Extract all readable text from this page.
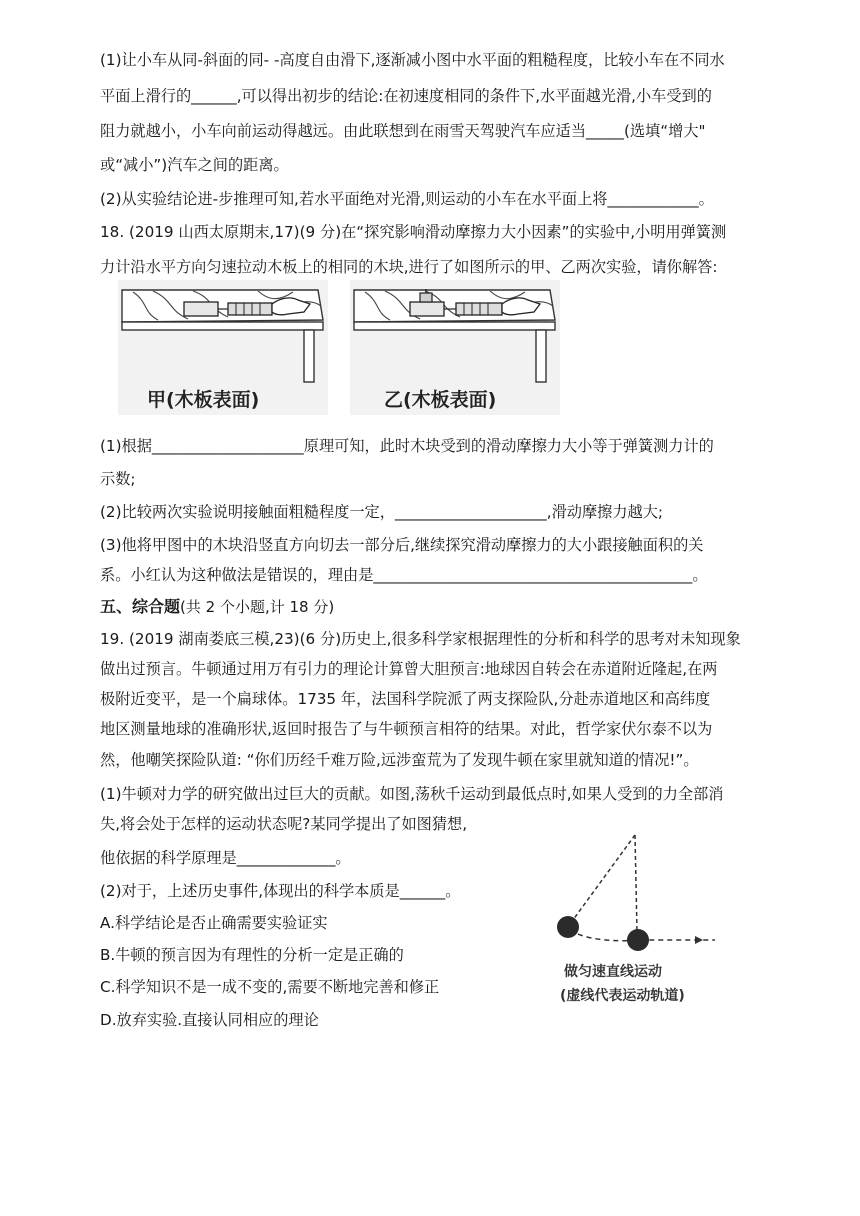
(1)让小车从同-斜面的同- -高度自由滑下,逐渐减小图中水平面的粗糙程度，比较小车在不同水
平面上滑行的______,可以得出初步的结论:在初速度相同的条件下,水平面越光滑,小车受到的
阻力就越小，小车向前运动得越远。由此联想到在雨雪天驾驶汽车应适当_____(选填“增大"
或“减小”)汽车之间的距离。
(2)从实验结论进-步推理可知,若水平面绝对光滑,则运动的小车在水平面上将____________。
18. (2019 山西太原期末,17)(9 分)在“探究影响滑动摩擦力大小因素”的实验中,小明用弹簧测
力计沿水平方向匀速拉动木板上的相同的木块,进行了如图所示的甲、乙两次实验，请你解答:
甲(木板表面)	乙(木板表面)
(1)根据____________________原理可知，此时木块受到的滑动摩擦力大小等于弹簧测力计的
示数;
(2)比较两次实验说明接触面粗糙程度一定，____________________,滑动摩擦力越大;
(3)他将甲图中的木块沿竖直方向切去一部分后,继续探究滑动摩擦力的大小跟接触面积的关
系。小红认为这种做法是错误的，理由是__________________________________________。
五、综合题(共 2 个小题,计 18 分)
19. (2019 湖南娄底三模,23)(6 分)历史上,很多科学家根据理性的分析和科学的思考对未知现象
做出过预言。牛顿通过用万有引力的理论计算曾大胆预言:地球因自转会在赤道附近隆起,在两
极附近变平，是一个扁球体。1735 年，法国科学院派了两支探险队,分赴赤道地区和高纬度
地区测量地球的准确形状,返回时报告了与牛顿预言相符的结果。对此，哲学家伏尔泰不以为
然，他嘲笑探险队道: “你们历经千难万险,远涉蛮荒为了发现牛顿在家里就知道的情况!”。
(1)牛顿对力学的研究做出过巨大的贡献。如图,荡秋千运动到最低点时,如果人受到的力全部消
失,将会处于怎样的运动状态呢?某同学提出了如图猜想,
他依据的科学原理是_____________。
(2)对于，上述历史事件,体现出的科学本质是______。
A.科学结论是否止确需要实验证实
B.牛顿的预言因为有理性的分析一定是正确的
C.科学知识不是一成不变的,需要不断地完善和修正
D.放弃实验.直接认同相应的理论
做匀速直线运动
(虚线代表运动轨道)
